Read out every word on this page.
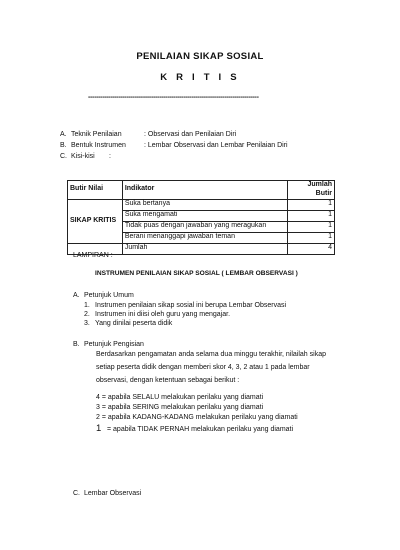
PENILAIAN SIKAP SOSIAL
K R I T I S
------------------------------------------------------------------------------------
A. Teknik Penilaian	: Observasi dan Penilaian Diri
B. Bentuk Instrumen	: Lembar Observasi dan Lembar Penilaian Diri
C. Kisi-kisi :
Butir Nilai	Indikator	Jumlah Butir
SIKAP KRITIS	Suka bertanya	1
	Suka mengamati	1
	Tidak puas dengan jawaban yang meragukan	1
	Berani menanggapi jawaban teman	1
	Jumlah	4
LAMPIRAN :
INSTRUMEN PENILAIAN SIKAP SOSIAL ( LEMBAR OBSERVASI )
A. Petunjuk Umum
1. Instrumen penilaian sikap sosial ini berupa Lembar Observasi
2. Instrumen ini diisi oleh guru yang mengajar.
3. Yang dinilai peserta didik
B. Petunjuk Pengisian
Berdasarkan pengamatan anda selama dua minggu terakhir, nilailah sikap
setiap peserta didik dengan memberi skor 4, 3, 2 atau 1 pada lembar
observasi, dengan ketentuan sebagai berikut :
4 = apabila SELALU melakukan perilaku yang diamati
3 = apabila SERING melakukan perilaku yang diamati
2 = apabila KADANG-KADANG melakukan perilaku yang diamati
1 = apabila TIDAK PERNAH melakukan perilaku yang diamati
C. Lembar Observasi
